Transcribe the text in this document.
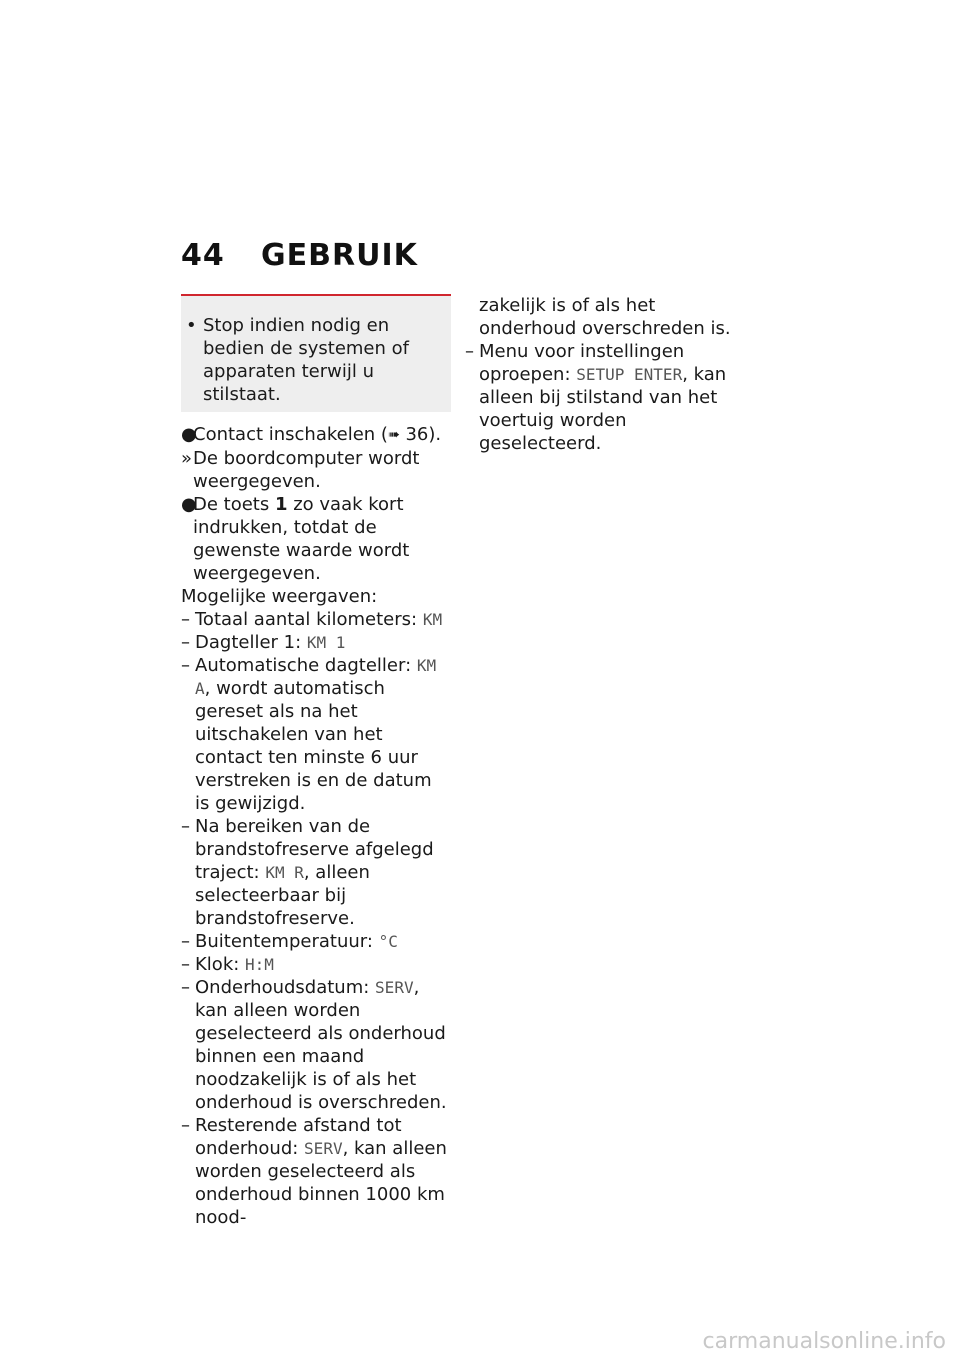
44 GEBRUIK
• Stop indien nodig en bedien de systemen of apparaten terwijl u stilstaat.
●
Contact inschakelen (➠ 36).
» De boordcomputer wordt weergegeven.
●
De toets 1 zo vaak kort indrukken, totdat de gewenste waarde wordt weergegeven.
Mogelijke weergaven:
– Totaal aantal kilometers: KM
– Dagteller 1: KM 1
– Automatische dagteller: KM A, wordt automatisch gereset als na het uitschakelen van het contact ten minste 6 uur verstreken is en de datum is gewijzigd.
– Na bereiken van de brandstofreserve afgelegd traject: KM R, alleen selecteerbaar bij brandstofreserve.
– Buitentemperatuur: °C
– Klok: H:M
– Onderhoudsdatum: SERV, kan alleen worden geselecteerd als onderhoud binnen een maand noodzakelijk is of als het onderhoud is overschreden.
– Resterende afstand tot onderhoud: SERV, kan alleen worden geselecteerd als onderhoud binnen 1000 km nood-
zakelijk is of als het onderhoud overschreden is.
– Menu voor instellingen oproepen: SETUP ENTER, kan alleen bij stilstand van het voertuig worden geselecteerd.
carmanualsonline.info
